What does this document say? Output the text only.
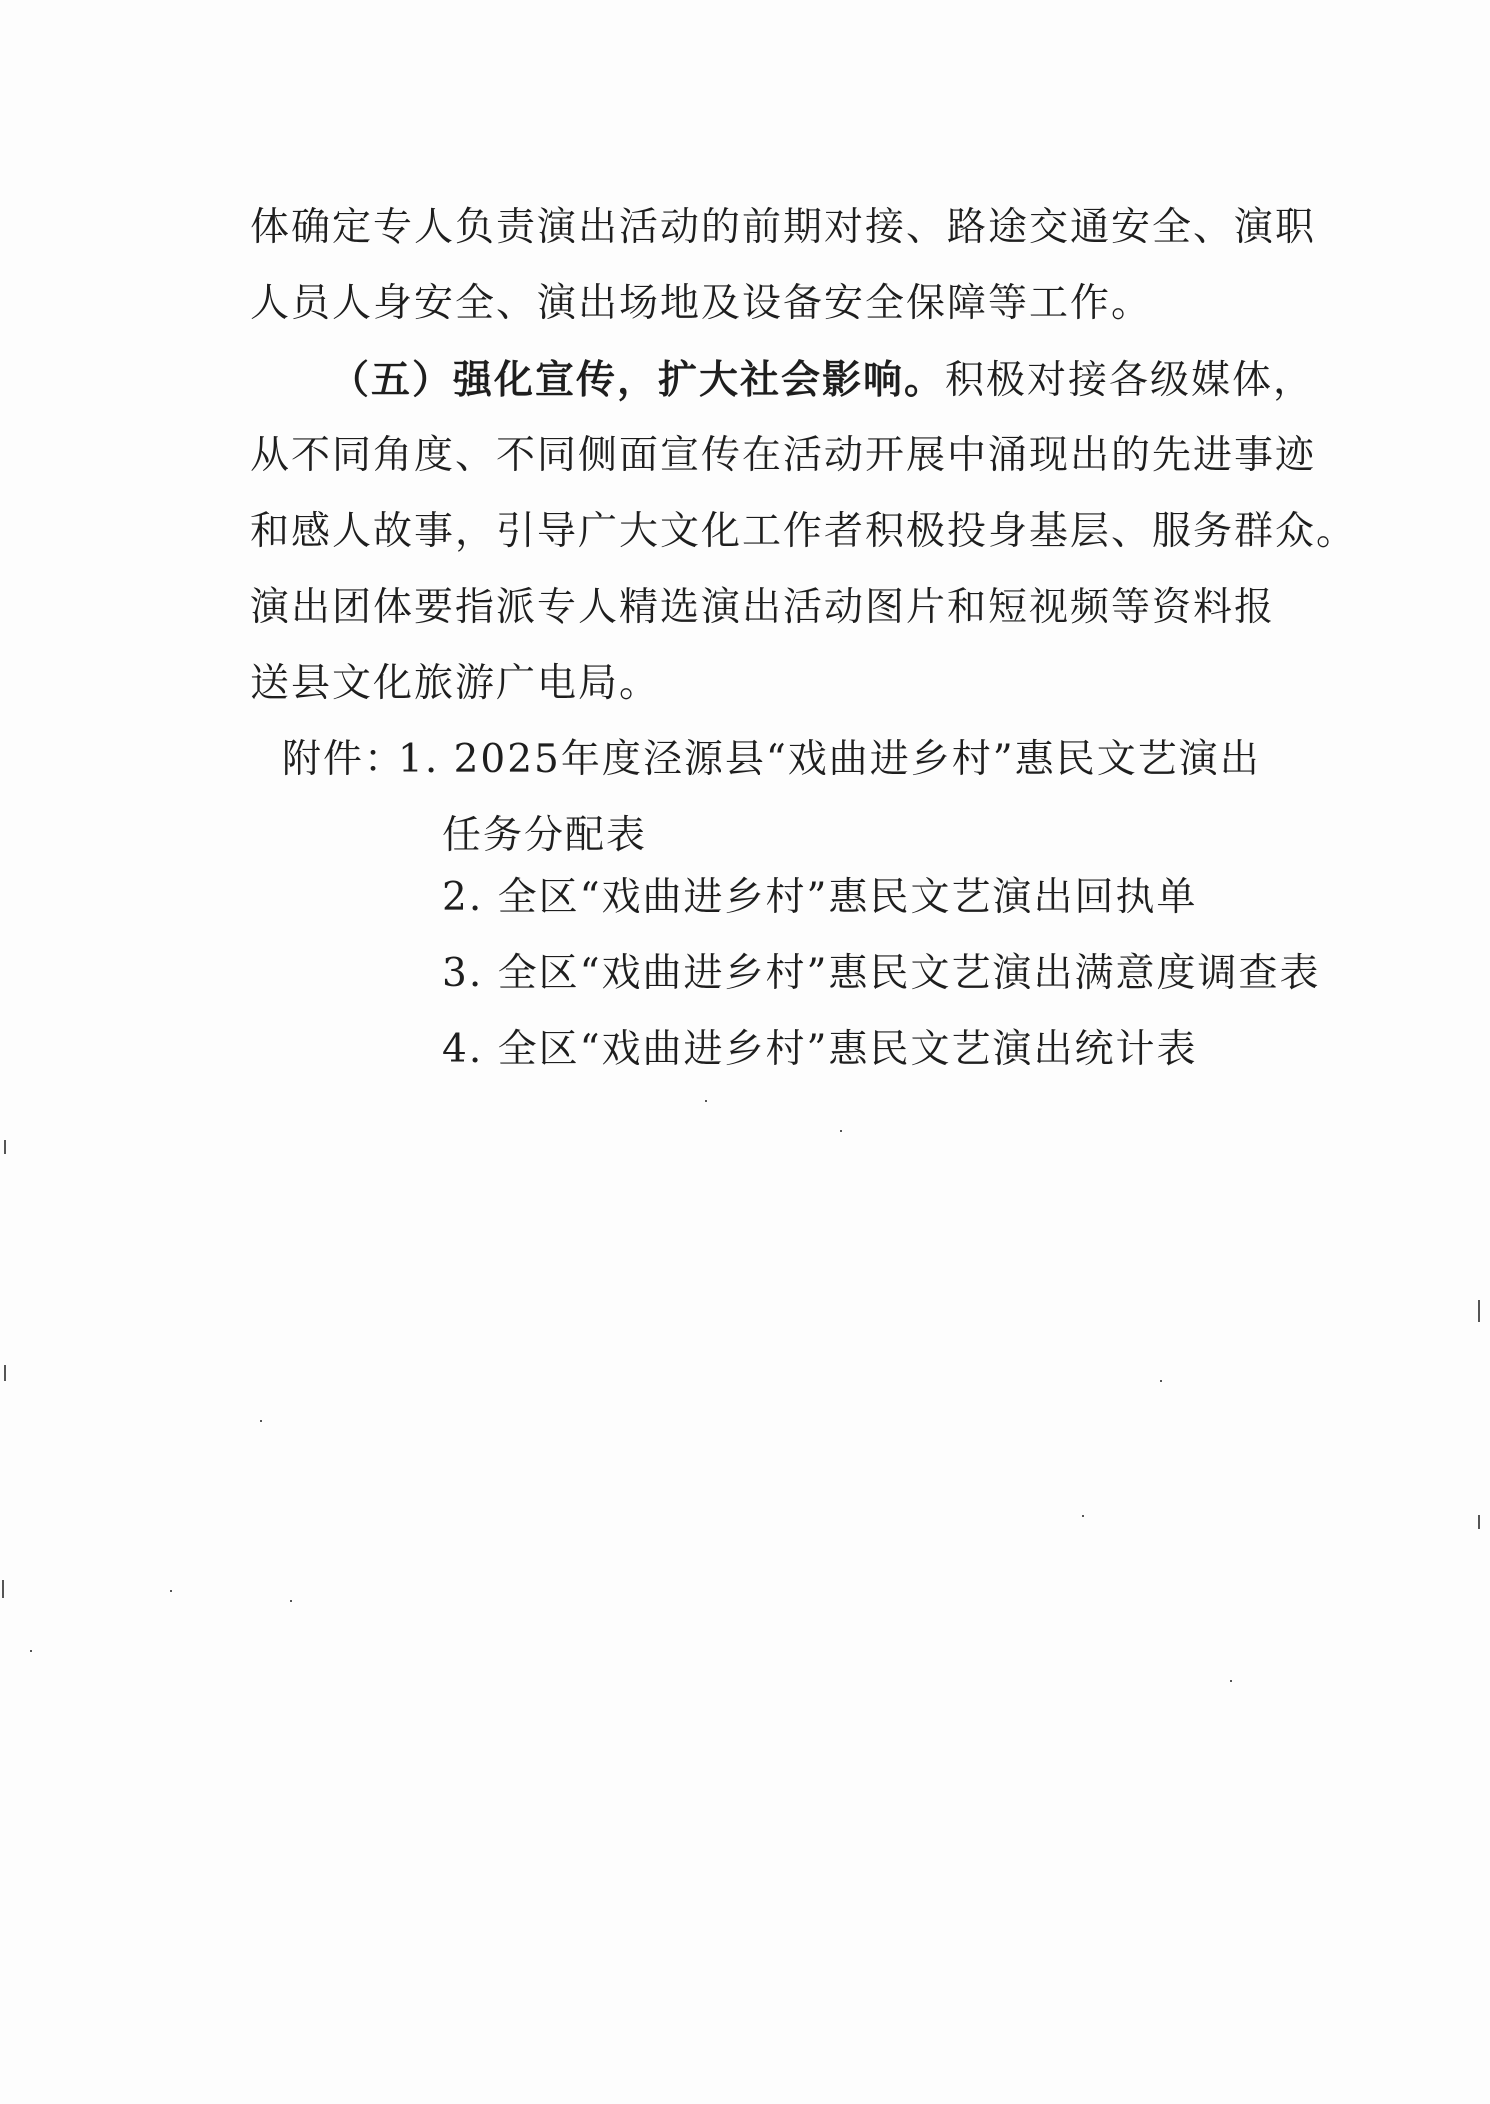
体确定专人负责演出活动的前期对接、路途交通安全、演职
人员人身安全、演出场地及设备安全保障等工作。
（五）强化宣传，扩大社会影响。积极对接各级媒体，
从不同角度、不同侧面宣传在活动开展中涌现出的先进事迹
和感人故事，引导广大文化工作者积极投身基层、服务群众。
演出团体要指派专人精选演出活动图片和短视频等资料报
送县文化旅游广电局。
附件：
1. 2025年度泾源县“戏曲进乡村”惠民文艺演出
任务分配表
2. 全区“戏曲进乡村”惠民文艺演出回执单
3. 全区“戏曲进乡村”惠民文艺演出满意度调查表
4. 全区“戏曲进乡村”惠民文艺演出统计表
